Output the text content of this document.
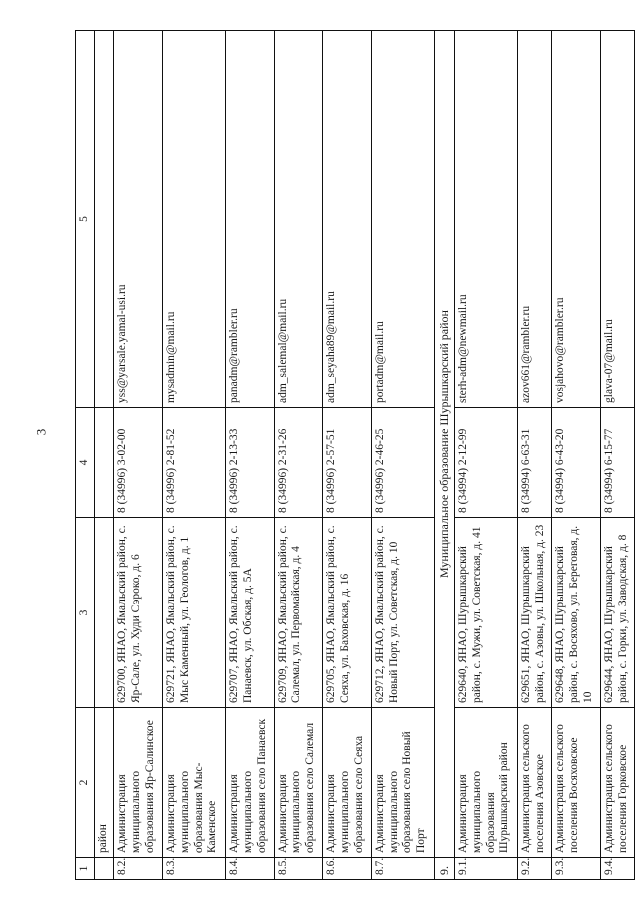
3
1	2	3	4	5
	район			
8.2.	Администрация муниципального образования Яр-Салинское	629700, ЯНАО, Ямальский район, с. Яр-Сале, ул. Худи Сэроко, д. 6	8 (34996) 3-02-00	yss@yarsale.yamal-usi.ru
8.3.	Администрация муниципального образования Мыс-Каменское	629721, ЯНАО, Ямальский район, с. Мыс Каменный, ул. Геологов, д. 1	8 (34996) 2-81-52	mysadmin@mail.ru
8.4.	Администрация муниципального образования село Панаевск	629707, ЯНАО, Ямальский район, с. Панаевск, ул. Обская, д. 5А	8 (34996) 2-13-33	panadm@rambler.ru
8.5.	Администрация муниципального образования село Салемал	629709, ЯНАО, Ямальский район, с. Салемал, ул. Первомайская, д. 4	8 (34996) 2-31-26	adm_salemal@mail.ru
8.6.	Администрация муниципального образования село Сеяха	629705, ЯНАО, Ямальский район, с. Сеяха, ул. Баховская, д. 16	8 (34996) 2-57-51	adm_seyaha89@mail.ru
8.7.	Администрация муниципального образования село Новый Порт	629712, ЯНАО, Ямальский район, с. Новый Порт, ул. Советская, д. 10	8 (34996) 2-46-25	portadm@mail.ru
9.	Муниципальное образование Шурышкарский район			
9.1.	Администрация муниципального образования Шурышкарский район	629640, ЯНАО, Шурышкарский район, с. Мужи, ул. Советская, д. 41	8 (34994) 2-12-99	sterh-adm@newmail.ru
9.2.	Администрация сельского поселения Азовское	629651, ЯНАО, Шурышкарский район, с. Азовы, ул. Школьная, д. 23	8 (34994) 6-63-31	azov661@rambler.ru
9.3.	Администрация сельского поселения Восяховское	629648, ЯНАО, Шурышкарский район, с. Восяхово, ул. Береговая, д. 10	8 (34994) 6-43-20	vosjahovo@rambler.ru
9.4.	Администрация сельского поселения Горковское	629644, ЯНАО, Шурышкарский район, с. Горки, ул. Заводская, д. 8	8 (34994) 6-15-77	glava-07@mail.ru
